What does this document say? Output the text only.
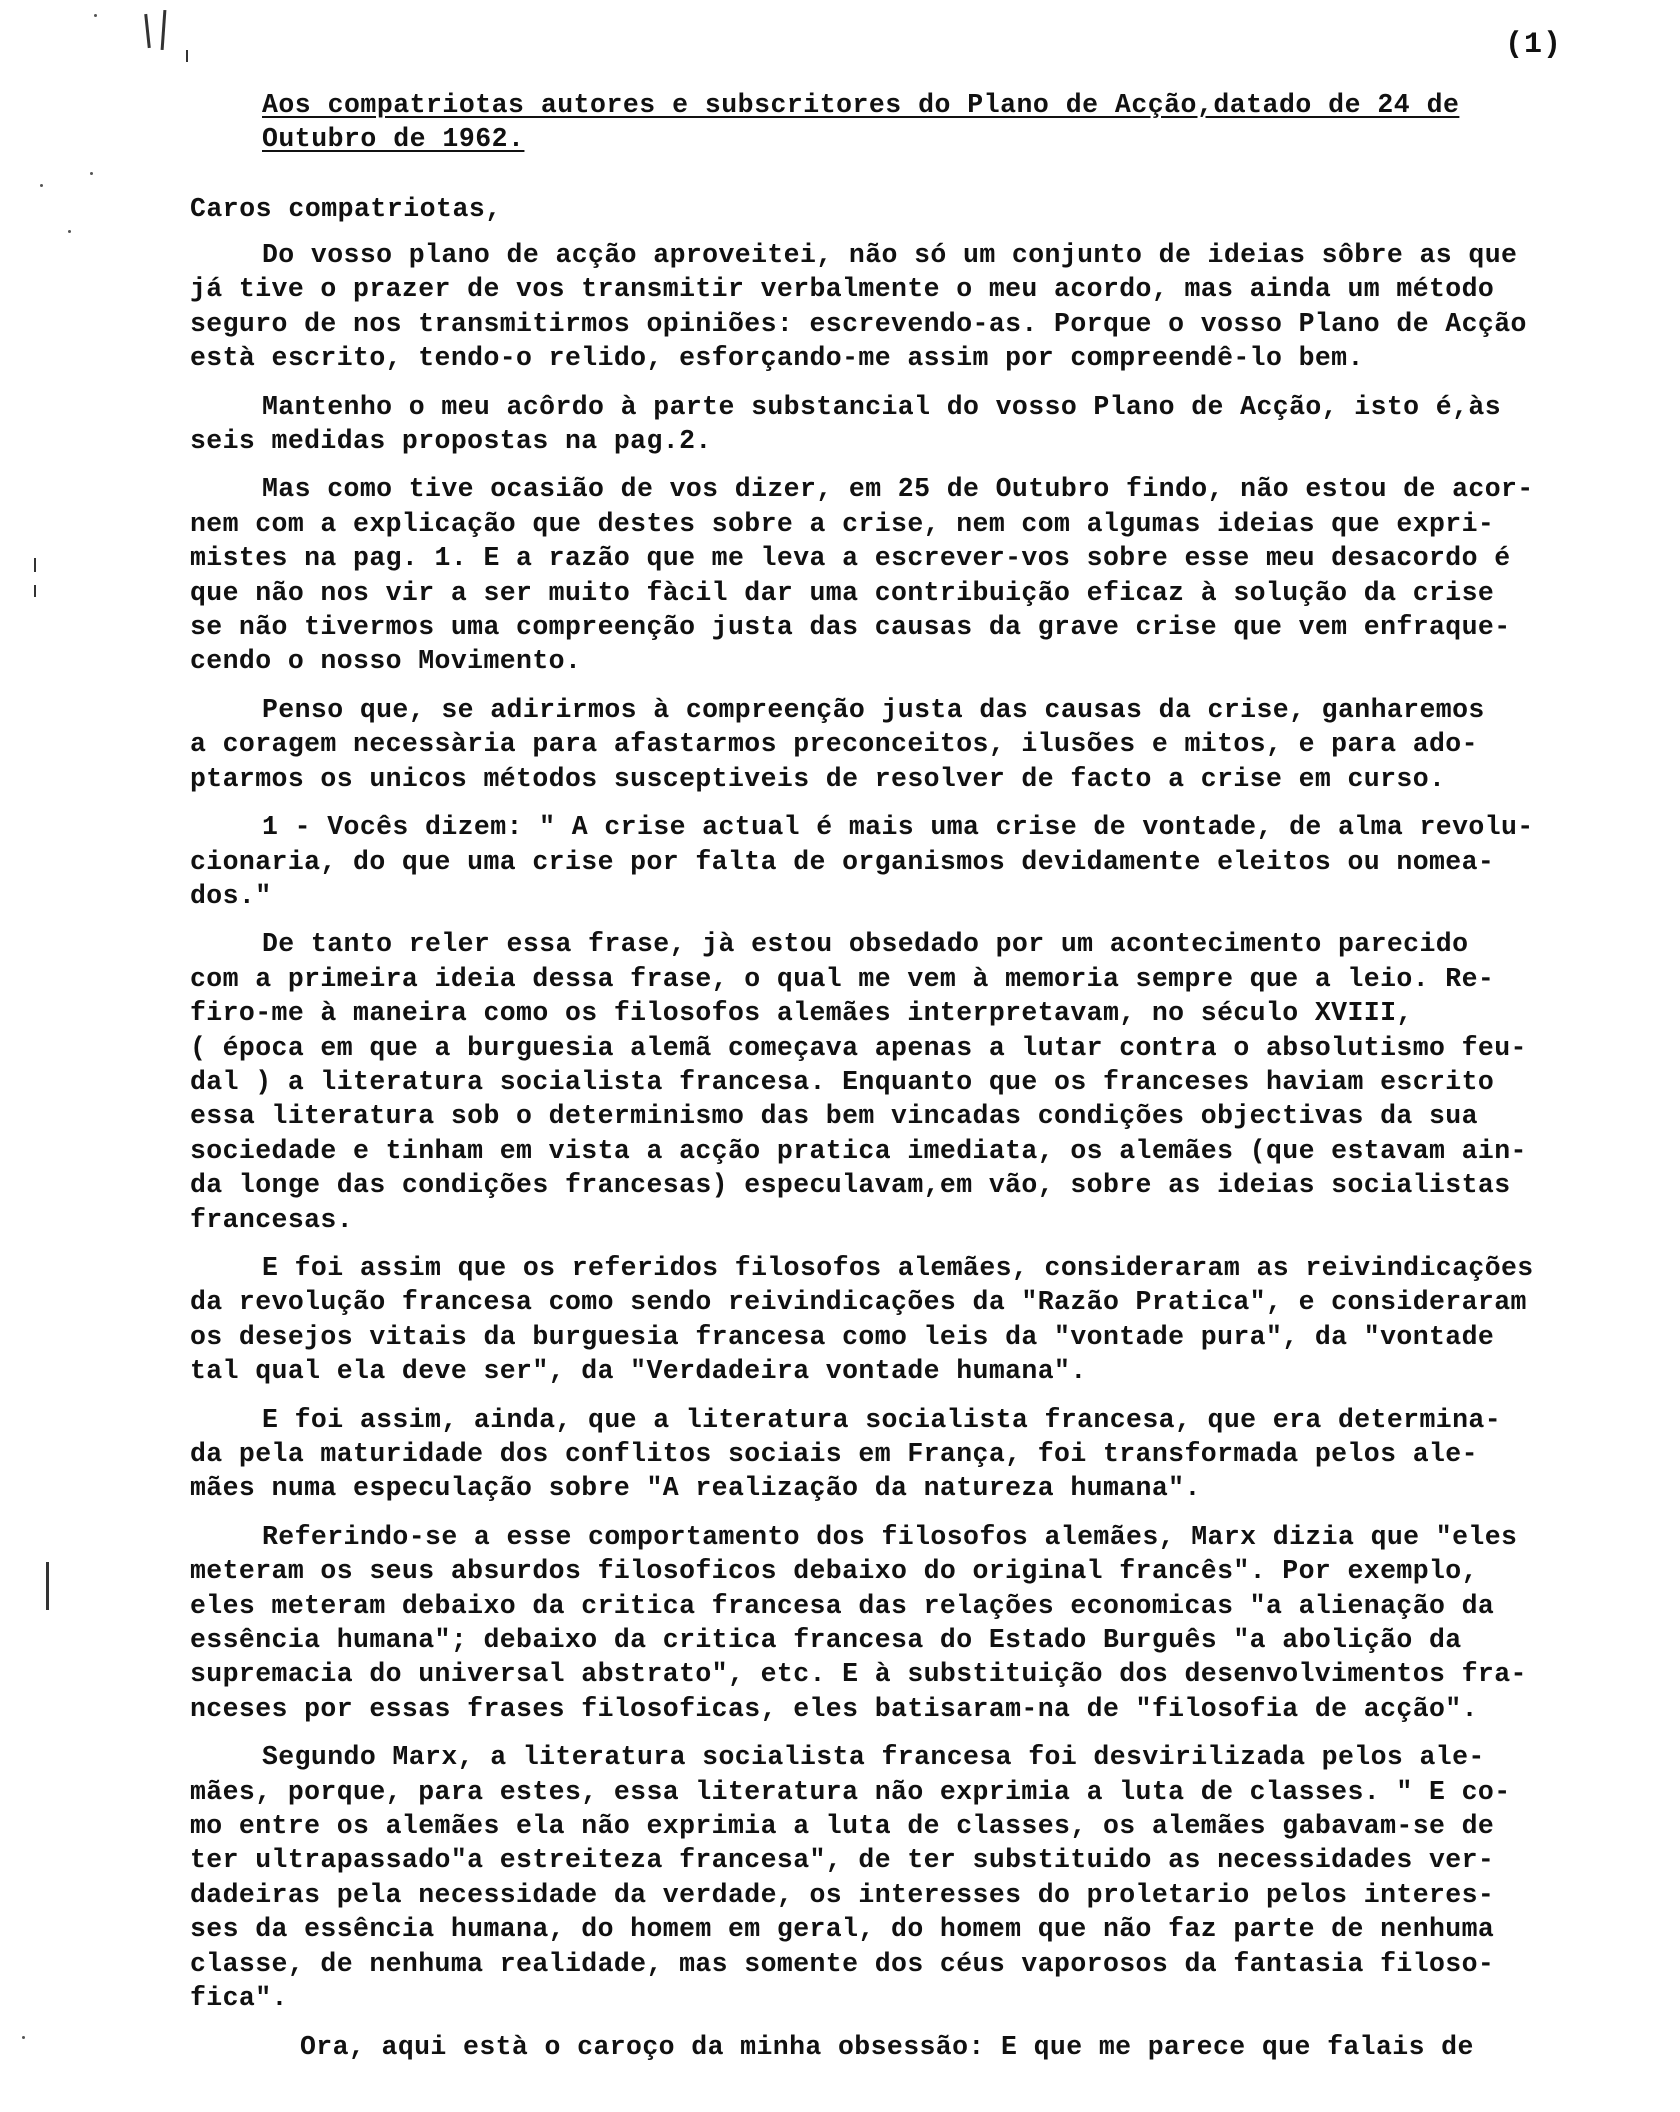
(1)
Aos compatriotas autores e subscritores do Plano de Acção,datado de 24 de
Outubro de 1962.
Caros compatriotas,
Do vosso plano de acção aproveitei, não só um conjunto de ideias sôbre as que
já tive o prazer de vos transmitir verbalmente o meu acordo, mas ainda um método
seguro de nos transmitirmos opiniões: escrevendo-as. Porque o vosso Plano de Acção
està escrito, tendo-o relido, esforçando-me assim por compreendê-lo bem.
Mantenho o meu acôrdo à parte substancial do vosso Plano de Acção, isto é,às
seis medidas propostas na pag.2.
Mas como tive ocasião de vos dizer, em 25 de Outubro findo, não estou de acor-
nem com a explicação que destes sobre a crise, nem com algumas ideias que expri-
mistes na pag. 1. E a razão que me leva a escrever-vos sobre esse meu desacordo é
que não nos vir a ser muito fàcil dar uma contribuição eficaz à solução da crise
se não tivermos uma compreenção justa das causas da grave crise que vem enfraque-
cendo o nosso Movimento.
Penso que, se adirirmos à compreenção justa das causas da crise, ganharemos
a coragem necessària para afastarmos preconceitos, ilusões e mitos, e para ado-
ptarmos os unicos métodos susceptiveis de resolver de facto a crise em curso.
1 - Vocês dizem: " A crise actual é mais uma crise de vontade, de alma revolu-
cionaria, do que uma crise por falta de organismos devidamente eleitos ou nomea-
dos."
De tanto reler essa frase, jà estou obsedado por um acontecimento parecido
com a primeira ideia dessa frase, o qual me vem à memoria sempre que a leio. Re-
firo-me à maneira como os filosofos alemães interpretavam, no século XVIII,
( época em que a burguesia alemã começava apenas a lutar contra o absolutismo feu-
dal ) a literatura socialista francesa. Enquanto que os franceses haviam escrito
essa literatura sob o determinismo das bem vincadas condições objectivas da sua
sociedade e tinham em vista a acção pratica imediata, os alemães (que estavam ain-
da longe das condições francesas) especulavam,em vão, sobre as ideias socialistas
francesas.
E foi assim que os referidos filosofos alemães, consideraram as reivindicações
da revolução francesa como sendo reivindicações da "Razão Pratica", e consideraram
os desejos vitais da burguesia francesa como leis da "vontade pura", da "vontade
tal qual ela deve ser", da "Verdadeira vontade humana".
E foi assim, ainda, que a literatura socialista francesa, que era determina-
da pela maturidade dos conflitos sociais em França, foi transformada pelos ale-
mães numa especulação sobre "A realização da natureza humana".
Referindo-se a esse comportamento dos filosofos alemães, Marx dizia que "eles
meteram os seus absurdos filosoficos debaixo do original francês". Por exemplo,
eles meteram debaixo da critica francesa das relações economicas "a alienação da
essência humana"; debaixo da critica francesa do Estado Burguês "a abolição da
supremacia do universal abstrato", etc. E à substituição dos desenvolvimentos fra-
nceses por essas frases filosoficas, eles batisaram-na de "filosofia de acção".
Segundo Marx, a literatura socialista francesa foi desvirilizada pelos ale-
mães, porque, para estes, essa literatura não exprimia a luta de classes. " E co-
mo entre os alemães ela não exprimia a luta de classes, os alemães gabavam-se de
ter ultrapassado"a estreiteza francesa", de ter substituido as necessidades ver-
dadeiras pela necessidade da verdade, os interesses do proletario pelos interes-
ses da essência humana, do homem em geral, do homem que não faz parte de nenhuma
classe, de nenhuma realidade, mas somente dos céus vaporosos da fantasia filoso-
fica".
Ora, aqui està o caroço da minha obsessão: E que me parece que falais de
